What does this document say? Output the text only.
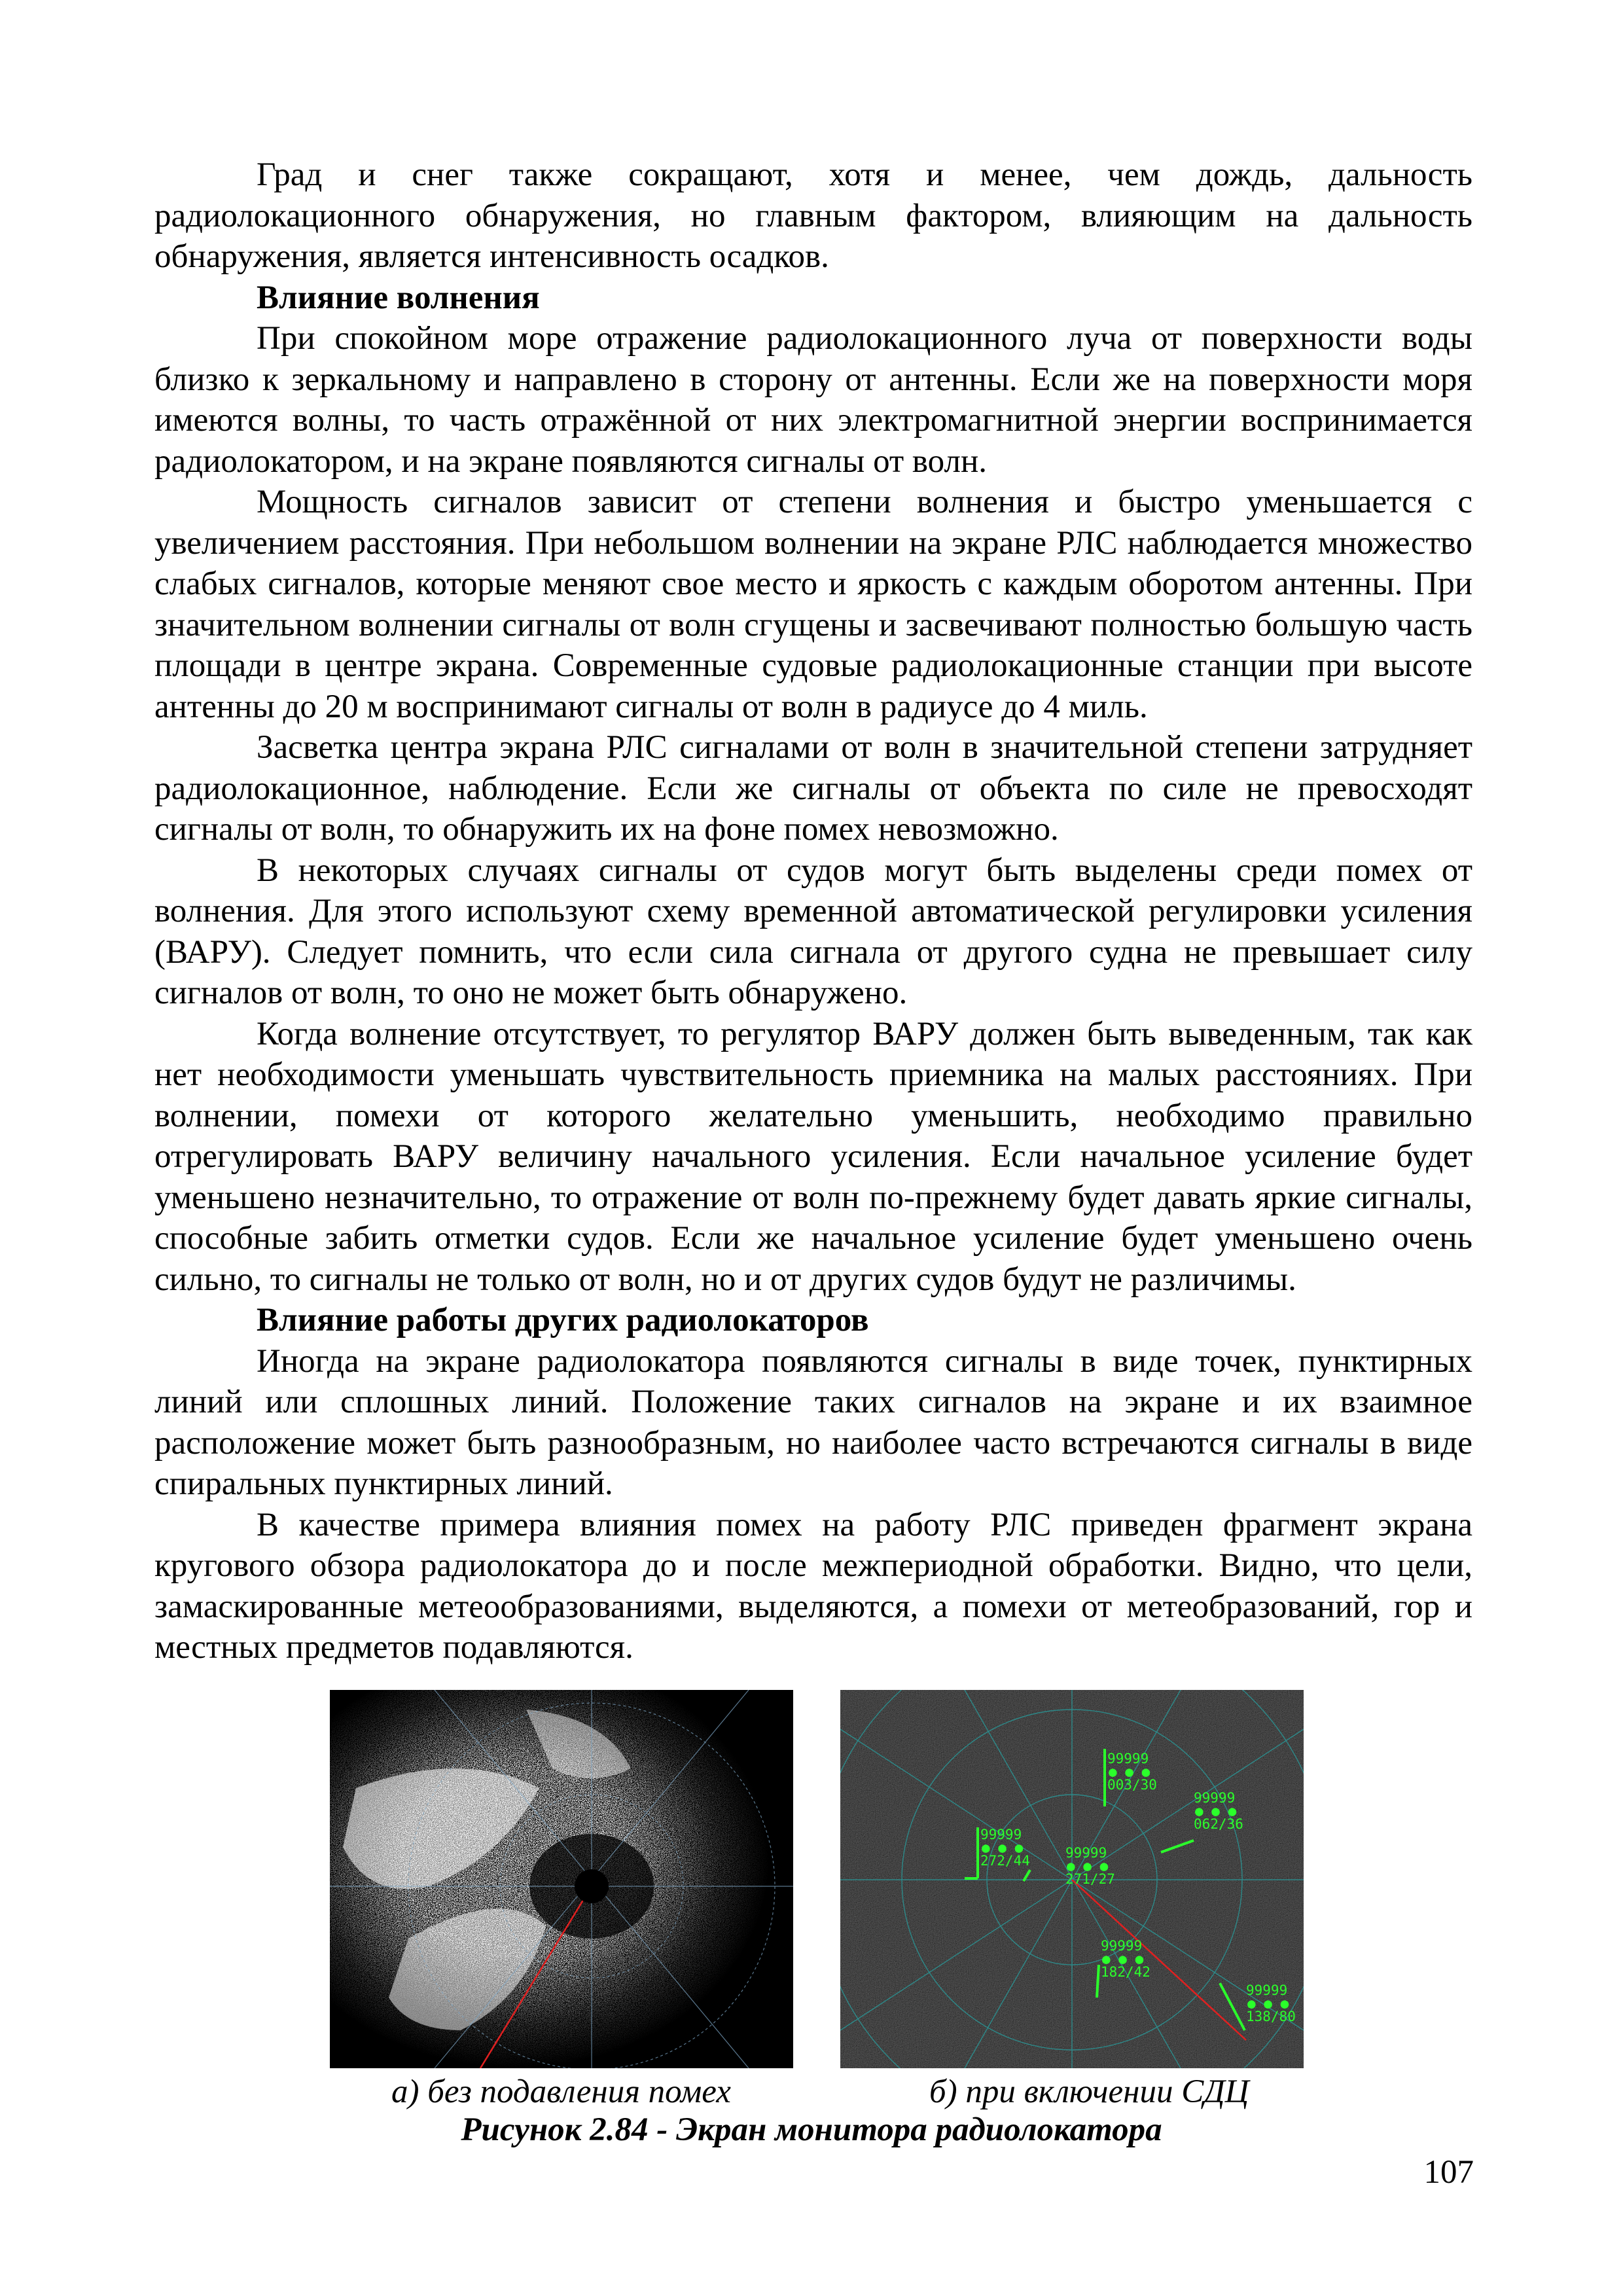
Град и снег также сокращают, хотя и менее, чем дождь, дальность радиолокационного обнаружения, но главным фактором, влияющим на дальность обнаружения, является интенсивность осадков.

Влияние волнения

При спокойном море отражение радиолокационного луча от поверхности воды близко к зеркальному и направлено в сторону от антенны. Если же на поверхности моря имеются волны, то часть отражённой от них электромагнитной энергии воспринимается радиолокатором, и на экране появляются сигналы от волн.

Мощность сигналов зависит от степени волнения и быстро уменьшается с увеличением расстояния. При небольшом волнении на экране РЛС наблюдается множество слабых сигналов, которые меняют свое место и яркость с каждым оборотом антенны. При значительном волнении сигналы от волн сгущены и засвечивают полностью большую часть площади в центре экрана. Современные судовые радиолокационные станции при высоте антенны до 20 м воспринимают сигналы от волн в радиусе до 4 миль.

Засветка центра экрана РЛС сигналами от волн в значительной степени затрудняет радиолокационное, наблюдение. Если же сигналы от объекта по силе не превосходят сигналы от волн, то обнаружить их на фоне помех невозможно.

В некоторых случаях сигналы от судов могут быть выделены среди помех от волнения. Для этого используют схему временной автоматической регулировки усиления (ВАРУ). Следует помнить, что если сила сигнала от другого судна не превышает силу сигналов от волн, то оно не может быть обнаружено.

Когда волнение отсутствует, то регулятор ВАРУ должен быть выведенным, так как нет необходимости уменьшать чувствительность приемника на малых расстояниях. При волнении, помехи от которого желательно уменьшить, необходимо правильно отрегулировать ВАРУ величину начального усиления. Если начальное усиление будет уменьшено незначительно, то отражение от волн по-прежнему будет давать яркие сигналы, способные забить отметки судов. Если же начальное усиление будет уменьшено очень сильно, то сигналы не только от волн, но и от других судов будут не различимы.

Влияние работы других радиолокаторов

Иногда на экране радиолокатора появляются сигналы в виде точек, пунктирных линий или сплошных линий. Положение таких сигналов на экране и их взаимное расположение может быть разнообразным, но наиболее часто встречаются сигналы в виде спиральных пунктирных линий.

В качестве примера влияния помех на работу РЛС приведен фрагмент экрана кругового обзора радиолокатора до и после межпериодной обработки. Видно, что цели, замаскированные метеообразованиями, выделяются, а помехи от метеобразований, гор и местных предметов подавляются.

99999
● ● ●
003/30
99999
● ● ●
062/36
99999
● ● ●
272/44	99999
● ● ●
271/27
99999
● ● ●
182/42
99999
● ● ●
138/80
а) без подавления помех	б) при включении СДЦ
Рисунок 2.84 - Экран монитора радиолокатора
107
